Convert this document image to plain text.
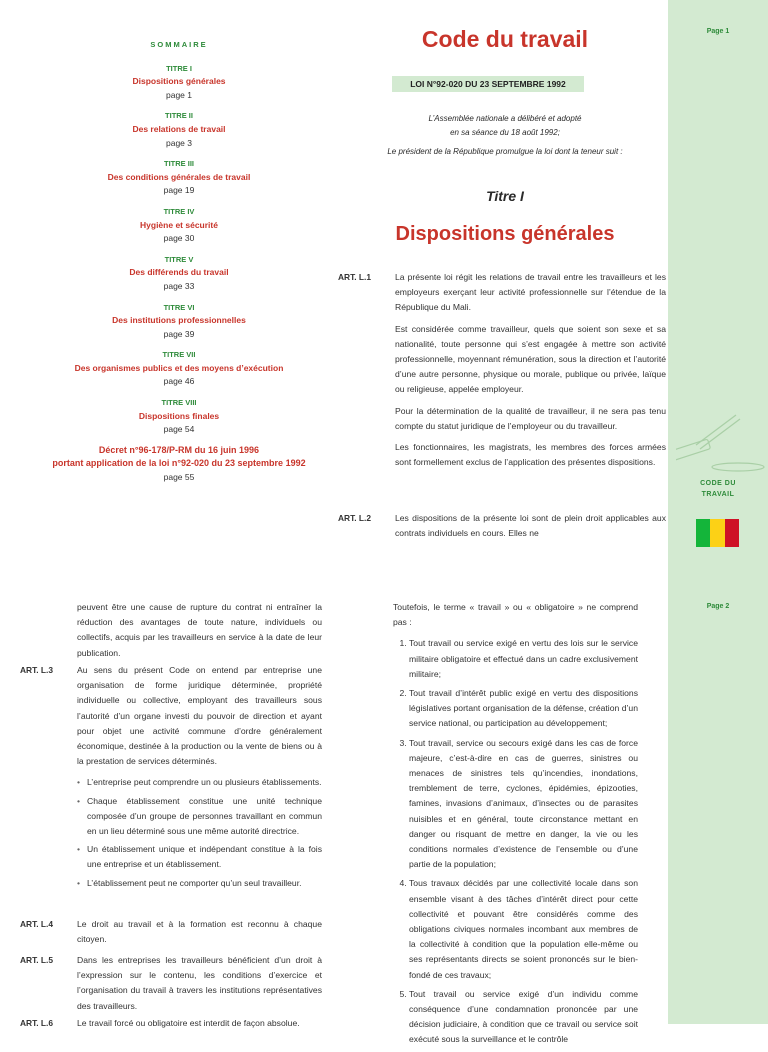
Page 1
Page 2
CODE DU
TRAVAIL
SOMMAIRE
TITRE I
Dispositions générales
page 1
TITRE II
Des relations de travail
page 3
TITRE III
Des conditions générales de travail
page 19
TITRE IV
Hygiène et sécurité
page 30
TITRE V
Des différends du travail
page 33
TITRE VI
Des institutions professionnelles
page 39
TITRE VII
Des organismes publics et des moyens d’exécution
page 46
TITRE VIII
Dispositions finales
page 54
Décret n°96-178/P-RM du 16 juin 1996
portant application de la loi n°92-020 du 23 septembre 1992
page 55
Code du travail
LOI N°92-020 DU 23 SEPTEMBRE 1992

L’Assemblée nationale a délibéré et adopté
en sa séance du 18 août 1992;

Le président de la République promulgue la loi dont la teneur suit :

Titre I
Dispositions générales
ART. L.1	La présente loi régit les relations de travail entre les travailleurs et les employeurs exerçant leur activité professionnelle sur l’étendue de la République du Mali.

Est considérée comme travailleur, quels que soient son sexe et sa nationalité, toute personne qui s’est engagée à mettre son activité professionnelle, moyennant rémunération, sous la direction et l’autorité d’une autre personne, physique ou morale, publique ou privée, laïque ou religieuse, appelée employeur.

Pour la détermination de la qualité de travailleur, il ne sera pas tenu compte du statut juridique de l’employeur ou du travailleur.

Les fonctionnaires, les magistrats, les membres des forces armées sont formellement exclus de l’application des présentes dispositions.

ART. L.2	Les dispositions de la présente loi sont de plein droit applicables aux contrats individuels en cours. Elles ne

peuvent être une cause de rupture du contrat ni entraîner la réduction des avantages de toute nature, individuels ou collectifs, acquis par les travailleurs en service à la date de leur publication.

ART. L.3	Au sens du présent Code on entend par entreprise une organisation de forme juridique déterminée, propriété individuelle ou collective, employant des travailleurs sous l’autorité d’un organe investi du pouvoir de direction et ayant pour objet une activité commune d’ordre généralement économique, destinée à la production ou la vente de biens ou à la prestation de services déterminés.

• L’entreprise peut comprendre un ou plusieurs établissements.
• Chaque établissement constitue une unité technique composée d’un groupe de personnes travaillant en commun en un lieu déterminé sous une même autorité directrice.
• Un établissement unique et indépendant constitue à la fois une entreprise et un établissement.
• L’établissement peut ne comporter qu’un seul travailleur.
ART. L.4	Le droit au travail et à la formation est reconnu à chaque citoyen.

ART. L.5	Dans les entreprises les travailleurs bénéficient d’un droit à l’expression sur le contenu, les conditions d’exercice et l’organisation du travail à travers les institutions représentatives des travailleurs.

ART. L.6	Le travail forcé ou obligatoire est interdit de façon absolue.

Toutefois, le terme « travail » ou « obligatoire » ne comprend pas :

1. Tout travail ou service exigé en vertu des lois sur le service militaire obligatoire et effectué dans un cadre exclusivement militaire;
2. Tout travail d’intérêt public exigé en vertu des dispositions législatives portant organisation de la défense, création d’un service national, ou participation au développement;
3. Tout travail, service ou secours exigé dans les cas de force majeure, c’est-à-dire en cas de guerres, sinistres ou menaces de sinistres tels qu’incendies, inondations, tremblement de terre, cyclones, épidémies, épizooties, famines, invasions d’animaux, d’insectes ou de parasites nuisibles et en général, toute circonstance mettant en danger ou risquant de mettre en danger, la vie ou les conditions normales d’existence de l’ensemble ou d’une partie de la population;
4. Tous travaux décidés par une collectivité locale dans son ensemble visant à des tâches d’intérêt direct pour cette collectivité et pouvant être considérés comme des obligations civiques normales incombant aux membres de la collectivité à condition que la population elle-même ou ses représentants directs se soient prononcés sur le bien-fondé de ces travaux;
5. Tout travail ou service exigé d’un individu comme conséquence d’une condamnation prononcée par une décision judiciaire, à condition que ce travail ou service soit exécuté sous la surveillance et le contrôle
